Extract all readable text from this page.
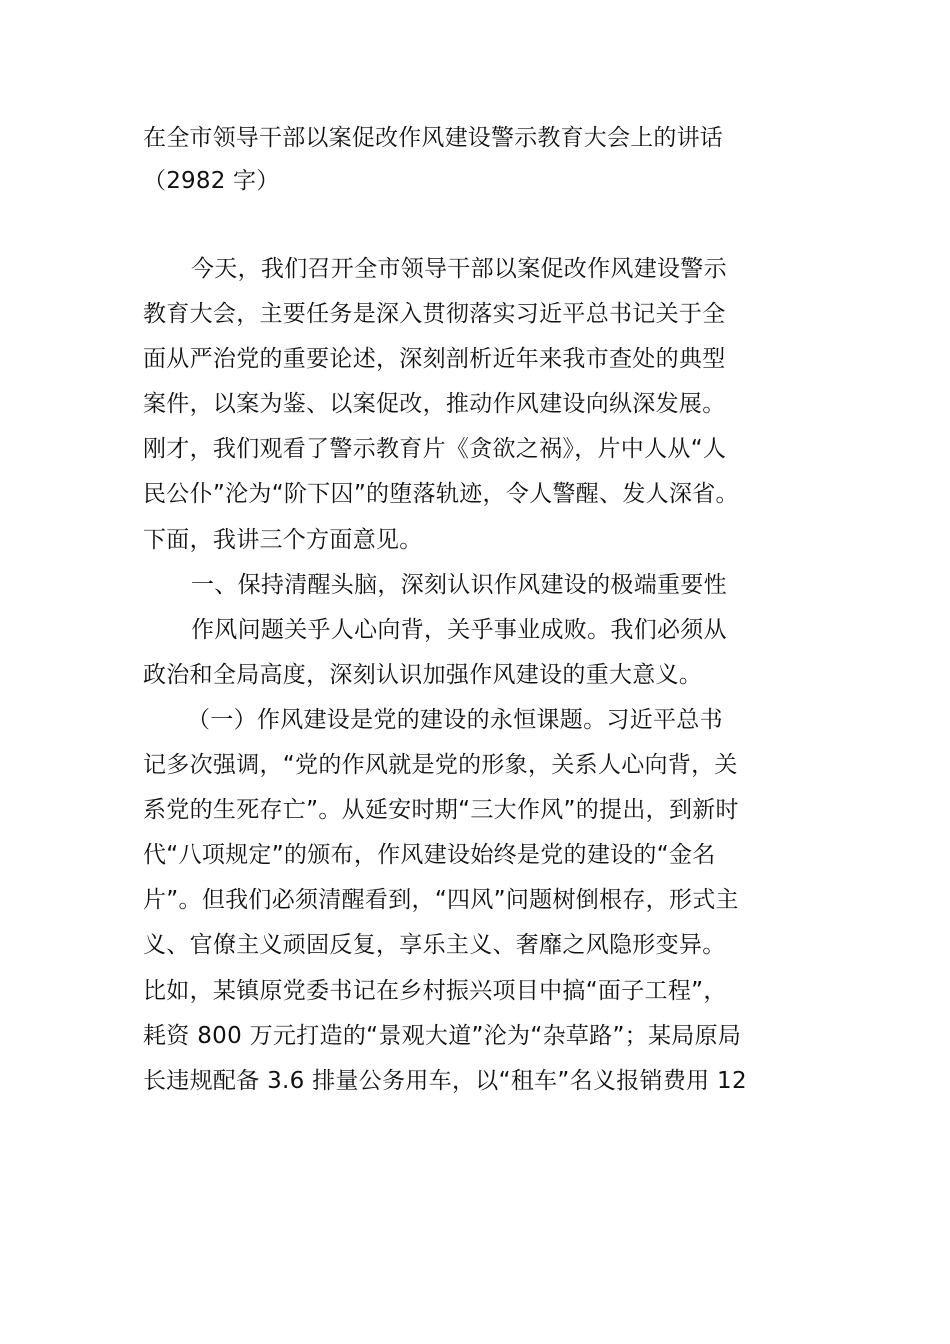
在全市领导干部以案促改作风建设警示教育大会上的讲话
（2982 字）
今天，我们召开全市领导干部以案促改作风建设警示
教育大会，主要任务是深入贯彻落实习近平总书记关于全
面从严治党的重要论述，深刻剖析近年来我市查处的典型
案件，以案为鉴、以案促改，推动作风建设向纵深发展。
刚才，我们观看了警示教育片《贪欲之祸》，片中人从“人
民公仆”沦为“阶下囚”的堕落轨迹，令人警醒、发人深省。
下面，我讲三个方面意见。
一、保持清醒头脑，深刻认识作风建设的极端重要性
作风问题关乎人心向背，关乎事业成败。我们必须从
政治和全局高度，深刻认识加强作风建设的重大意义。
（一）作风建设是党的建设的永恒课题。习近平总书
记多次强调，“党的作风就是党的形象，关系人心向背，关
系党的生死存亡”。从延安时期“三大作风”的提出，到新时
代“八项规定”的颁布，作风建设始终是党的建设的“金名
片”。但我们必须清醒看到，“四风”问题树倒根存，形式主
义、官僚主义顽固反复，享乐主义、奢靡之风隐形变异。
比如，某镇原党委书记在乡村振兴项目中搞“面子工程”，
耗资 800 万元打造的“景观大道”沦为“杂草路”；某局原局
长违规配备 3.6 排量公务用车，以“租车”名义报销费用 12
